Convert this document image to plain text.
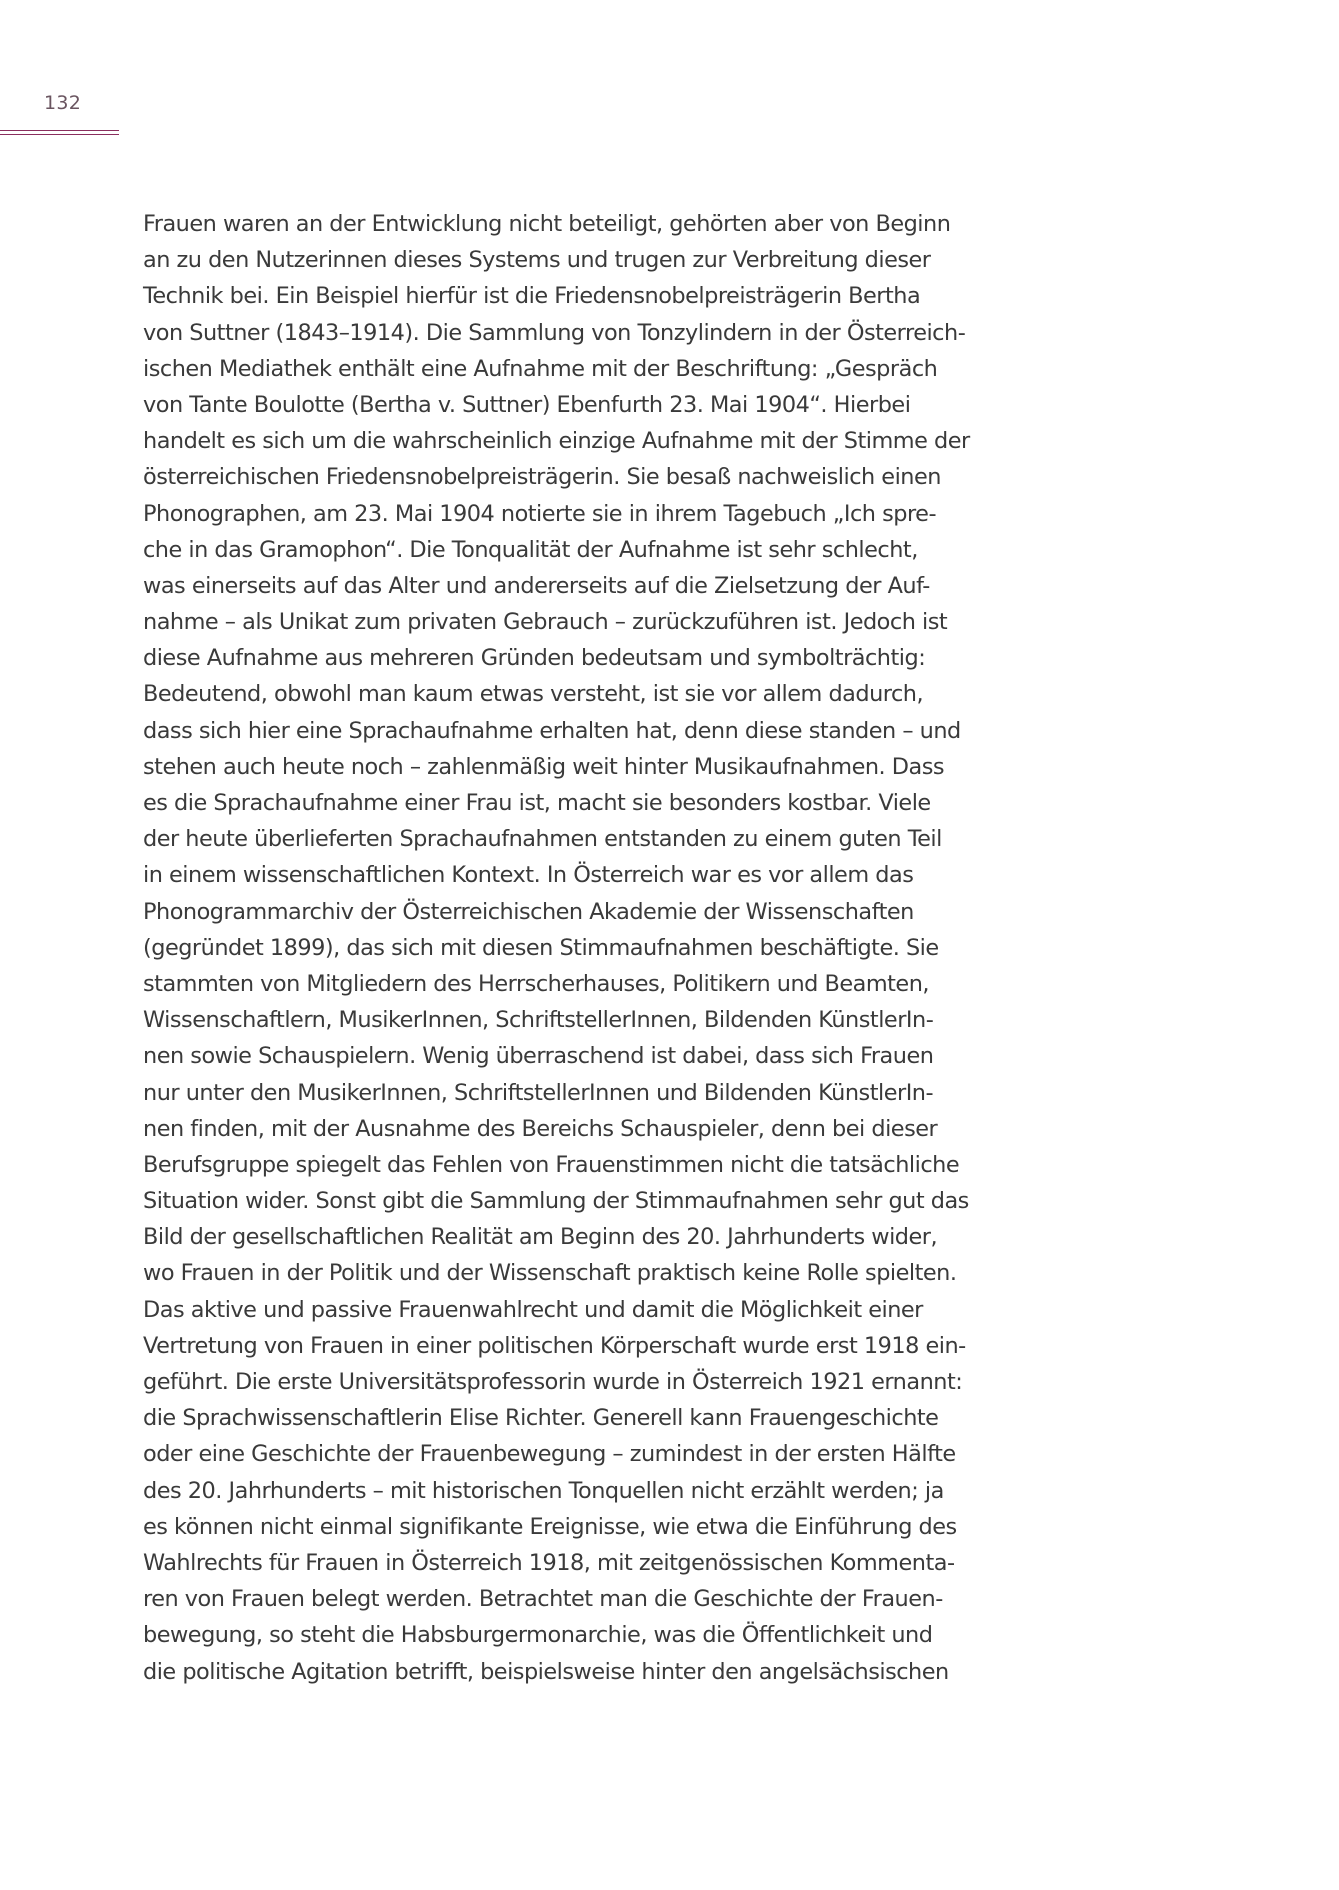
132
Frauen waren an der Entwicklung nicht beteiligt, gehörten aber von Beginn
an zu den Nutzerinnen dieses Systems und trugen zur Verbreitung dieser
Technik bei. Ein Beispiel hierfür ist die Friedensnobelpreisträgerin Bertha
von Suttner (1843–1914). Die Sammlung von Tonzylindern in der Österreich-
ischen Mediathek enthält eine Aufnahme mit der Beschriftung: „Gespräch
von Tante Boulotte (Bertha v. Suttner) Ebenfurth 23. Mai 1904“. Hierbei
handelt es sich um die wahrscheinlich einzige Aufnahme mit der Stimme der
österreichischen Friedensnobelpreisträgerin. Sie besaß nachweislich einen
Phonographen, am 23. Mai 1904 notierte sie in ihrem Tagebuch „Ich spre-
che in das Gramophon“. Die Tonqualität der Aufnahme ist sehr schlecht,
was einerseits auf das Alter und andererseits auf die Zielsetzung der Auf-
nahme – als Unikat zum privaten Gebrauch – zurückzuführen ist. Jedoch ist
diese Aufnahme aus mehreren Gründen bedeutsam und symbolträchtig:
Bedeutend, obwohl man kaum etwas versteht, ist sie vor allem dadurch,
dass sich hier eine Sprachaufnahme erhalten hat, denn diese standen – und
stehen auch heute noch – zahlenmäßig weit hinter Musikaufnahmen. Dass
es die Sprachaufnahme einer Frau ist, macht sie besonders kostbar. Viele
der heute überlieferten Sprachaufnahmen entstanden zu einem guten Teil
in einem wissenschaftlichen Kontext. In Österreich war es vor allem das
Phonogrammarchiv der Österreichischen Akademie der Wissenschaften
(gegründet 1899), das sich mit diesen Stimmaufnahmen beschäftigte. Sie
stammten von Mitgliedern des Herrscherhauses, Politikern und Beamten,
Wissenschaftlern, MusikerInnen, SchriftstellerInnen, Bildenden KünstlerIn-
nen sowie Schauspielern. Wenig überraschend ist dabei, dass sich Frauen
nur unter den MusikerInnen, SchriftstellerInnen und Bildenden KünstlerIn-
nen finden, mit der Ausnahme des Bereichs Schauspieler, denn bei dieser
Berufsgruppe spiegelt das Fehlen von Frauenstimmen nicht die tatsächliche
Situation wider. Sonst gibt die Sammlung der Stimmaufnahmen sehr gut das
Bild der gesellschaftlichen Realität am Beginn des 20. Jahrhunderts wider,
wo Frauen in der Politik und der Wissenschaft praktisch keine Rolle spielten.
Das aktive und passive Frauenwahlrecht und damit die Möglichkeit einer
Vertretung von Frauen in einer politischen Körperschaft wurde erst 1918 ein-
geführt. Die erste Universitätsprofessorin wurde in Österreich 1921 ernannt:
die Sprachwissenschaftlerin Elise Richter. Generell kann Frauengeschichte
oder eine Geschichte der Frauenbewegung – zumindest in der ersten Hälfte
des 20. Jahrhunderts – mit historischen Tonquellen nicht erzählt werden; ja
es können nicht einmal signifikante Ereignisse, wie etwa die Einführung des
Wahlrechts für Frauen in Österreich 1918, mit zeitgenössischen Kommenta-
ren von Frauen belegt werden. Betrachtet man die Geschichte der Frauen-
bewegung, so steht die Habsburgermonarchie, was die Öffentlichkeit und
die politische Agitation betrifft, beispielsweise hinter den angelsächsischen
